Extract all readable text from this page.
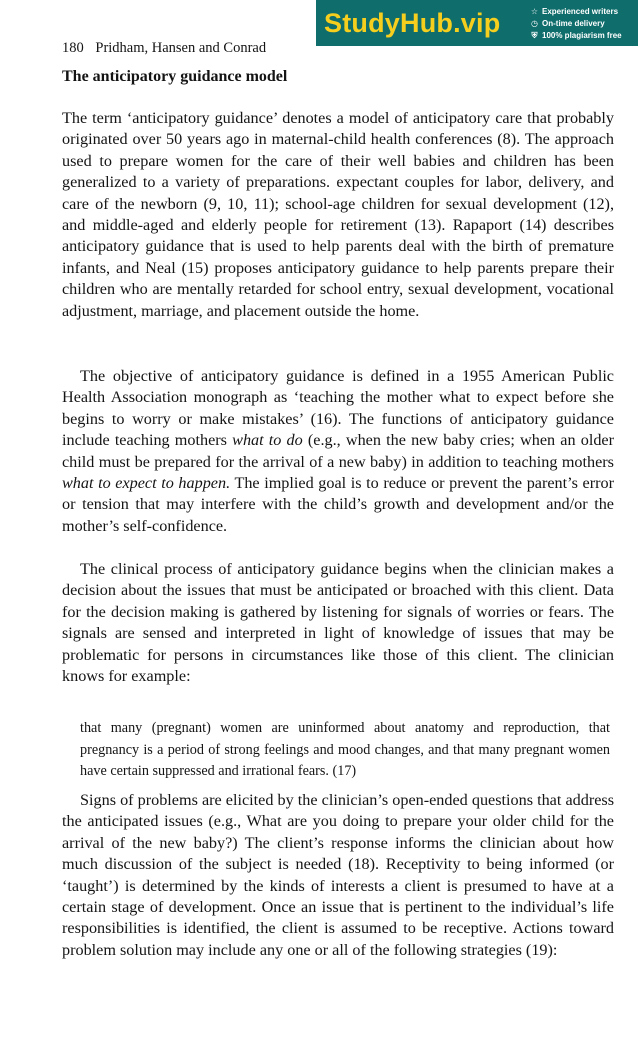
StudyHub.vip	☆ Experienced writers
◷ On-time delivery
⛨ 100% plagiarism free
180 Pridham, Hansen and Conrad
The anticipatory guidance model

The term ‘anticipatory guidance’ denotes a model of anticipatory care that probably originated over 50 years ago in maternal-child health conferences (8). The approach used to prepare women for the care of their well babies and children has been generalized to a variety of preparations. expectant couples for labor, delivery, and care of the newborn (9, 10, 11); school-age children for sexual development (12), and middle-aged and elderly people for retirement (13). Rapaport (14) describes anticipatory guidance that is used to help parents deal with the birth of premature infants, and Neal (15) proposes anticipatory guidance to help parents prepare their children who are mentally retarded for school entry, sexual development, vocational adjustment, marriage, and placement outside the home.

The objective of anticipatory guidance is defined in a 1955 American Public Health Association monograph as ‘teaching the mother what to expect before she begins to worry or make mistakes’ (16). The functions of anticipatory guidance include teaching mothers what to do (e.g., when the new baby cries; when an older child must be prepared for the arrival of a new baby) in addition to teaching mothers what to expect to happen. The implied goal is to reduce or prevent the parent’s error or tension that may interfere with the child’s growth and development and/or the mother’s self-confidence.

The clinical process of anticipatory guidance begins when the clinician makes a decision about the issues that must be anticipated or broached with this client. Data for the decision making is gathered by listening for signals of worries or fears. The signals are sensed and interpreted in light of knowledge of issues that may be problematic for persons in circumstances like those of this client. The clinician knows for example:

that many (pregnant) women are uninformed about anatomy and reproduction, that pregnancy is a period of strong feelings and mood changes, and that many pregnant women have certain suppressed and irrational fears. (17)

Signs of problems are elicited by the clinician’s open-ended questions that address the anticipated issues (e.g., What are you doing to prepare your older child for the arrival of the new baby?) The client’s response informs the clinician about how much discussion of the subject is needed (18). Receptivity to being informed (or ‘taught’) is determined by the kinds of interests a client is presumed to have at a certain stage of development. Once an issue that is pertinent to the individual’s life responsibilities is identified, the client is assumed to be receptive. Actions toward problem solution may include any one or all of the following strategies (19):
